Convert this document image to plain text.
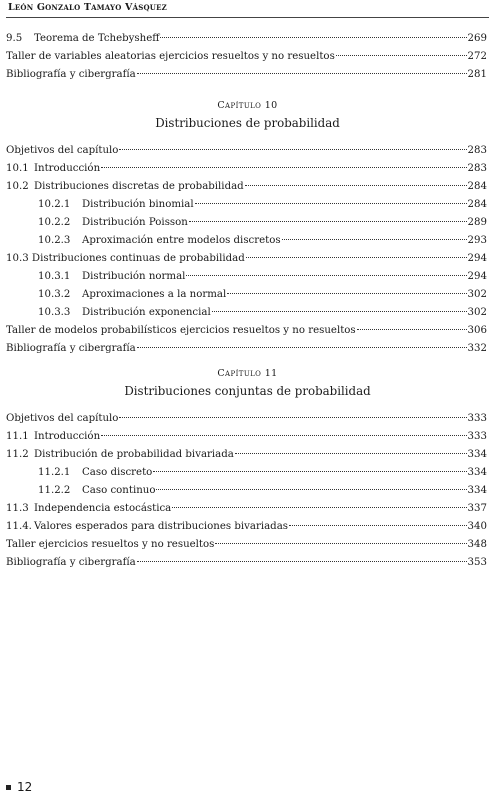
León Gonzalo Tamayo Vásquez
9.5	Teorema de Tchebysheff	269
Taller de variables aleatorias ejercicios resueltos y no resueltos	272
Bibliografía y cibergrafía	281
Capítulo 10
Distribuciones de probabilidad
Objetivos del capítulo	283
10.1 Introducción	283
10.2 Distribuciones discretas de probabilidad	284
10.2.1	Distribución binomial	284
10.2.2	Distribución Poisson	289
10.2.3	Aproximación entre modelos discretos	293
10.3 Distribuciones continuas de probabilidad	294
10.3.1	Distribución normal	294
10.3.2	Aproximaciones a la normal	302
10.3.3	Distribución exponencial	302
Taller de modelos probabilísticos ejercicios resueltos y no resueltos	306
Bibliografía y cibergrafía	332
Capítulo 11
Distribuciones conjuntas de probabilidad
Objetivos del capítulo	333
11.1 Introducción	333
11.2 Distribución de probabilidad bivariada	334
11.2.1	Caso discreto	334
11.2.2	Caso continuo	334
11.3 Independencia estocástica	337
11.4. Valores esperados para distribuciones bivariadas	340
Taller ejercicios resueltos y no resueltos	348
Bibliografía y cibergrafía	353
12
